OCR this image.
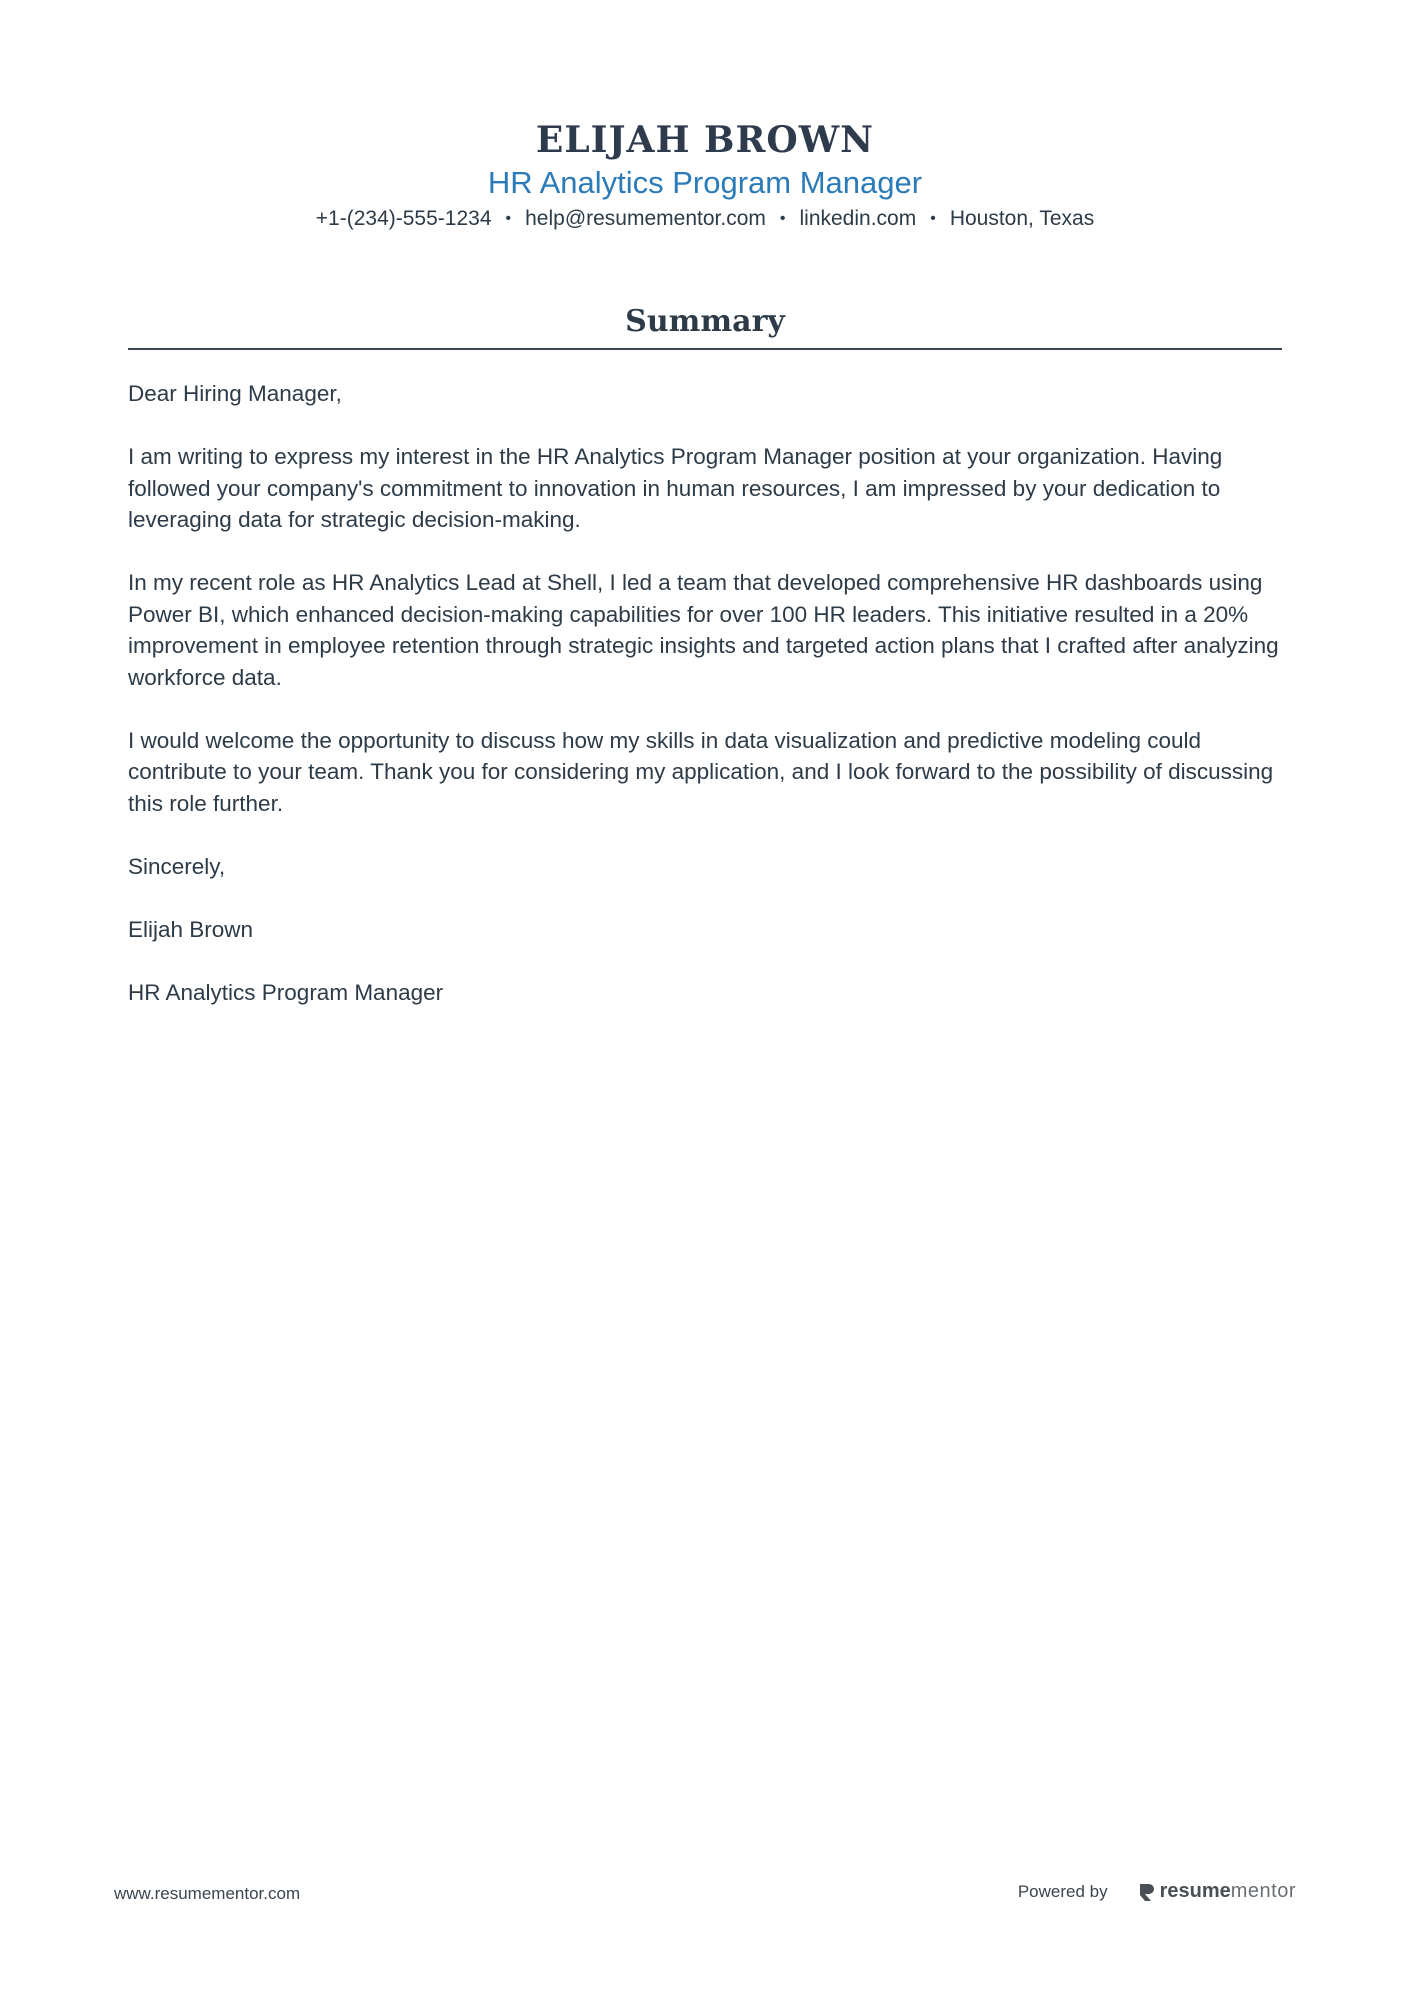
ELIJAH BROWN
HR Analytics Program Manager
+1-(234)-555-1234 • help@resumementor.com • linkedin.com • Houston, Texas
Summary

Dear Hiring Manager,

I am writing to express my interest in the HR Analytics Program Manager position at your organization. Having followed your company's commitment to innovation in human resources, I am impressed by your dedication to leveraging data for strategic decision-making.

In my recent role as HR Analytics Lead at Shell, I led a team that developed comprehensive HR dashboards using Power BI, which enhanced decision-making capabilities for over 100 HR leaders. This initiative resulted in a 20% improvement in employee retention through strategic insights and targeted action plans that I crafted after analyzing workforce data.

I would welcome the opportunity to discuss how my skills in data visualization and predictive modeling could contribute to your team. Thank you for considering my application, and I look forward to the possibility of discussing this role further.

Sincerely,

Elijah Brown

HR Analytics Program Manager

www.resumementor.com	Powered by	resume mentor
